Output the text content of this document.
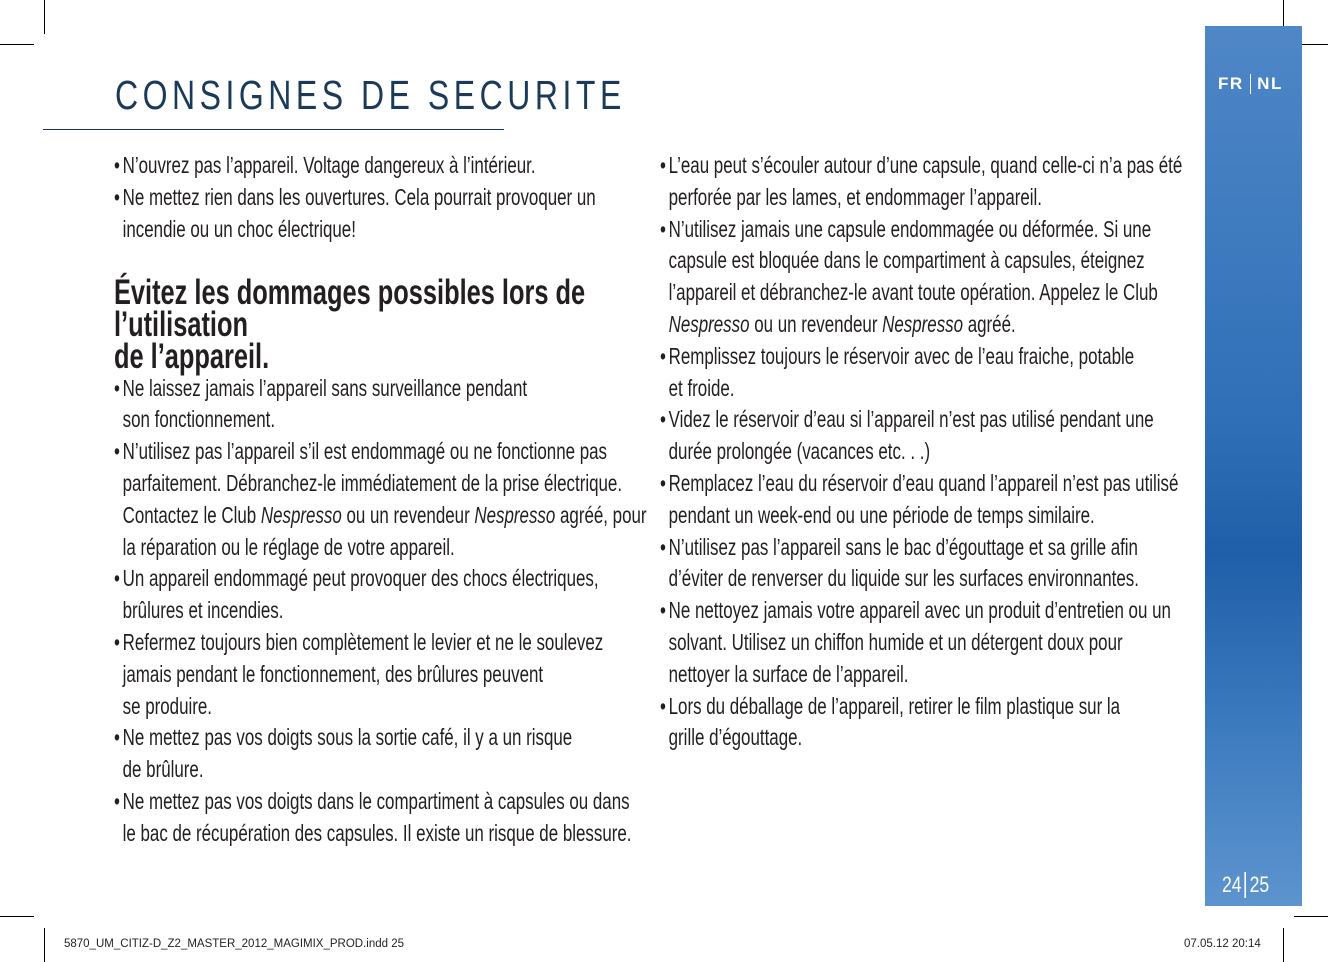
CONSIGNES DE SECURITE
• N’ouvrez pas l’appareil. Voltage dangereux à l’intérieur.
• Ne mettez rien dans les ouvertures. Cela pourrait provoquer un
incendie ou un choc électrique!
Évitez les dommages possibles lors de l’utilisation
de l’appareil.
• Ne laissez jamais l’appareil sans surveillance pendant
son fonctionnement.
• N’utilisez pas l’appareil s’il est endommagé ou ne fonctionne pas
parfaitement. Débranchez-le immédiatement de la prise électrique.
Contactez le Club Nespresso ou un revendeur Nespresso agréé, pour
la réparation ou le réglage de votre appareil.
• Un appareil endommagé peut provoquer des chocs électriques,
brûlures et incendies.
• Refermez toujours bien complètement le levier et ne le soulevez
jamais pendant le fonctionnement, des brûlures peuvent
se produire.
• Ne mettez pas vos doigts sous la sortie café, il y a un risque
de brûlure.
• Ne mettez pas vos doigts dans le compartiment à capsules ou dans
le bac de récupération des capsules. Il existe un risque de blessure.
• L’eau peut s’écouler autour d’une capsule, quand celle-ci n’a pas été
perforée par les lames, et endommager l’appareil.
• N’utilisez jamais une capsule endommagée ou déformée. Si une
capsule est bloquée dans le compartiment à capsules, éteignez
l’appareil et débranchez-le avant toute opération. Appelez le Club
Nespresso ou un revendeur Nespresso agréé.
• Remplissez toujours le réservoir avec de l’eau fraiche, potable
et froide.
• Videz le réservoir d’eau si l’appareil n’est pas utilisé pendant une
durée prolongée (vacances etc. . .)
• Remplacez l’eau du réservoir d’eau quand l’appareil n’est pas utilisé
pendant un week-end ou une période de temps similaire.
• N’utilisez pas l’appareil sans le bac d’égouttage et sa grille afin
d’éviter de renverser du liquide sur les surfaces environnantes.
• Ne nettoyez jamais votre appareil avec un produit d’entretien ou un
solvant. Utilisez un chiffon humide et un détergent doux pour
nettoyer la surface de l’appareil.
• Lors du déballage de l’appareil, retirer le film plastique sur la
grille d’égouttage.
FR NL
24 25
5870_UM_CITIZ-D_Z2_MASTER_2012_MAGIMIX_PROD.indd 25	07.05.12 20:14
